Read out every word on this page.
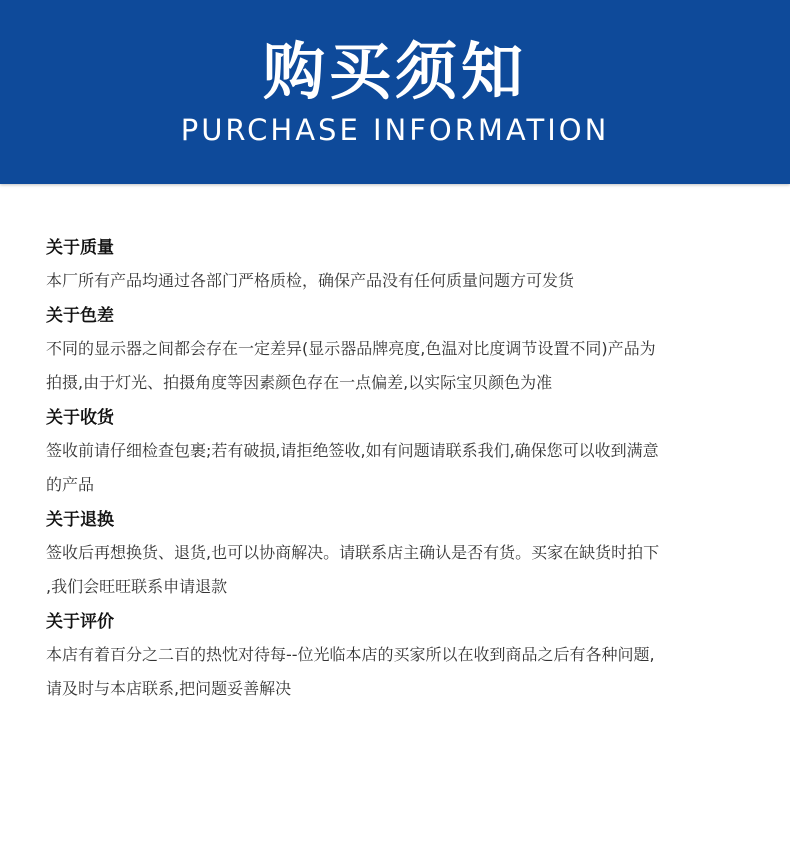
购买须知
PURCHASE INFORMATION

关于质量

本厂所有产品均通过各部门严格质检，确保产品没有任何质量问题方可发货

关于色差

不同的显示器之间都会存在一定差异(显示器品牌亮度,色温对比度调节设置不同)产品为
拍摄,由于灯光、拍摄角度等因素颜色存在一点偏差,以实际宝贝颜色为准

关于收货

签收前请仔细检查包裹;若有破损,请拒绝签收,如有问题请联系我们,确保您可以收到满意
的产品

关于退换

签收后再想换货、退货,也可以协商解决。请联系店主确认是否有货。买家在缺货时拍下
,我们会旺旺联系申请退款

关于评价

本店有着百分之二百的热忱对待每--位光临本店的买家所以在收到商品之后有各种问题,
请及时与本店联系,把问题妥善解决
